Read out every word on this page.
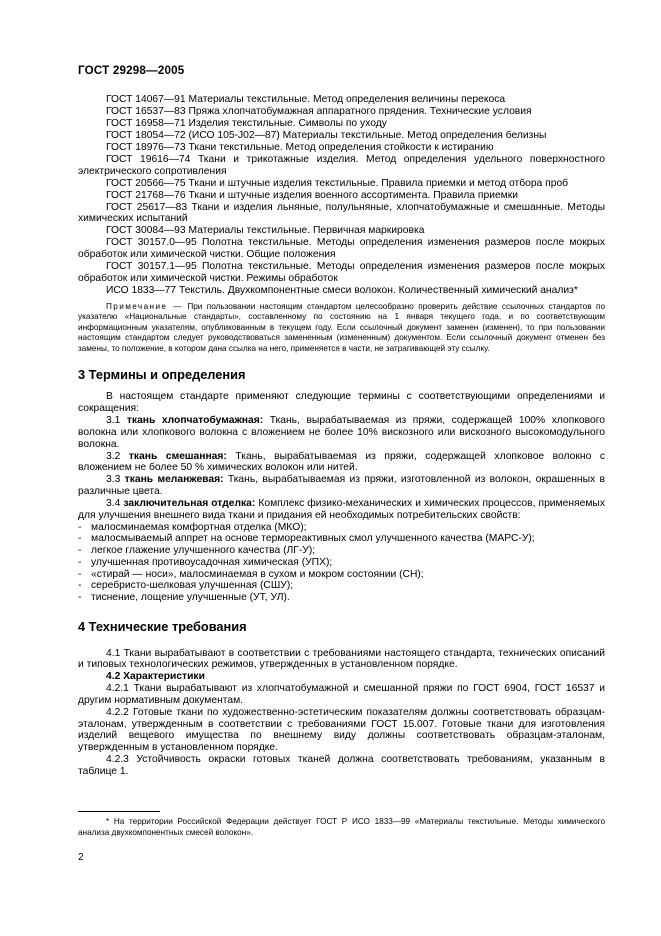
ГОСТ 29298—2005

ГОСТ 14067—91 Материалы текстильные. Метод определения величины перекоса

ГОСТ 16537—83 Пряжа хлопчатобумажная аппаратного прядения. Технические условия

ГОСТ 16958—71 Изделия текстильные. Символы по уходу

ГОСТ 18054—72 (ИСО 105-J02—87) Материалы текстильные. Метод определения белизны

ГОСТ 18976—73 Ткани текстильные. Метод определения стойкости к истиранию

ГОСТ 19616—74 Ткани и трикотажные изделия. Метод определения удельного поверхностного электрического сопротивления

ГОСТ 20566—75 Ткани и штучные изделия текстильные. Правила приемки и метод отбора проб

ГОСТ 21768—76 Ткани и штучные изделия военного ассортимента. Правила приемки

ГОСТ 25617—83 Ткани и изделия льняные, полульняные, хлопчатобумажные и смешанные. Методы химических испытаний

ГОСТ 30084—93 Материалы текстильные. Первичная маркировка

ГОСТ 30157.0—95 Полотна текстильные. Методы определения изменения размеров после мокрых обработок или химической чистки. Общие положения

ГОСТ 30157.1—95 Полотна текстильные. Методы определения изменения размеров после мокрых обработок или химической чистки. Режимы обработок

ИСО 1833—77 Текстиль. Двухкомпонентные смеси волокон. Количественный химический анализ*

Примечание — При пользовании настоящим стандартом целесообразно проверить действие ссылочных стандартов по указателю «Национальные стандарты», составленному по состоянию на 1 января текущего года, и по соответствующим информационным указателям, опубликованным в текущем году. Если ссылочный документ заменен (изменен), то при пользовании настоящим стандартом следует руководствоваться замененным (измененным) документом. Если ссылочный документ отменен без замены, то положение, в котором дана ссылка на него, применяется в части, не затрагивающей эту ссылку.

3 Термины и определения

В настоящем стандарте применяют следующие термины с соответствующими определениями и сокращения:

3.1 ткань хлопчатобумажная: Ткань, вырабатываемая из пряжи, содержащей 100% хлопкового волокна или хлопкового волокна с вложением не более 10% вискозного или вискозного высокомодульного волокна.

3.2 ткань смешанная: Ткань, вырабатываемая из пряжи, содержащей хлопковое волокно с вложением не более 50 % химических волокон или нитей.

3.3 ткань меланжевая: Ткань, вырабатываемая из пряжи, изготовленной из волокон, окрашенных в различные цвета.

3.4 заключительная отделка: Комплекс физико-механических и химических процессов, применяемых для улучшения внешнего вида ткани и придания ей необходимых потребительских свойств:

- малосминаемая комфортная отделка (МКО);
- малосмываемый аппрет на основе термореактивных смол улучшенного качества (МАРС-У);
- легкое глажение улучшенного качества (ЛГ-У);
- улучшенная противоусадочная химическая (УПХ);
- «стирай — носи», малосминаемая в сухом и мокром состоянии (СН);
- серебристо-шелковая улучшенная (СШУ);
- тиснение, лощение улучшенные (УТ, УЛ).
4 Технические требования

4.1 Ткани вырабатывают в соответствии с требованиями настоящего стандарта, технических описаний и типовых технологических режимов, утвержденных в установленном порядке.

4.2 Характеристики

4.2.1 Ткани вырабатывают из хлопчатобумажной и смешанной пряжи по ГОСТ 6904, ГОСТ 16537 и другим нормативным документам.

4.2.2 Готовые ткани по художественно-эстетическим показателям должны соответствовать образцам-эталонам, утвержденным в соответствии с требованиями ГОСТ 15.007. Готовые ткани для изготовления изделий вещевого имущества по внешнему виду должны соответствовать образцам-эталонам, утвержденным в установленном порядке.

4.2.3 Устойчивость окраски готовых тканей должна соответствовать требованиям, указанным в таблице 1.

* На территории Российской Федерации действует ГОСТ Р ИСО 1833—99 «Материалы текстильные. Методы химического анализа двухкомпонентных смесей волокон».
2
